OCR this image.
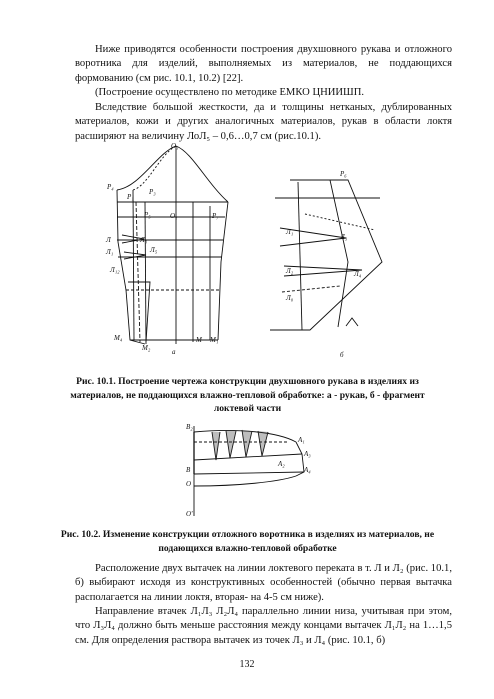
Ниже приводятся особенности построения двухшовного рукава и отложного воротника для изделий, выполняемых из материалов, не поддающихся формованию (см рис. 10.1, 10.2) [22].

(Построение осуществлено по методике ЕМКО ЦНИИШП.

Вследствие большой жесткости, да и толщины нетканых, дублированных материалов, кожи и других аналогичных материалов, рукав в области локтя расширяют на величину ЛоЛ₅ – 0,6…0,7 см (рис.10.1).

O₃
P₄
P₁
P₃
P₅	O₁	P₇
Л
Л₁
Л₀
Л₅
Л₁₂
М₄
М₂
М М₁
а
P₆
Л₁
Л₂
Л₃
Л₄
Л₀
б

Рис. 10.1. Построение чертежа конструкции двухшовного рукава в изделиях из материалов, не поддающихся влажно-тепловой обработке: а - рукав, б - фрагмент локтевой части

B₂
A₁
A₃
A₄
A₂
B
O
O'

Рис. 10.2. Изменение конструкции отложного воротника в изделиях из материалов, не подающихся влажно-тепловой обработке

Расположение двух вытачек на линии локтевого переката в т. Л и Л₂ (рис. 10.1, б) выбирают исходя из конструктивных особенностей (обычно первая вытачка располагается на линии локтя, вторая- на 4-5 см ниже).

Направление втачек Л₁Л₃ Л₂Л₄ параллельно линии низа, учитывая при этом, что Л₃Л₄ должно быть меньше расстояния между концами вытачек Л₁Л₂ на 1…1,5 см. Для определения раствора вытачек из точек Л₃ и Л₄ (рис. 10.1, б)

132
